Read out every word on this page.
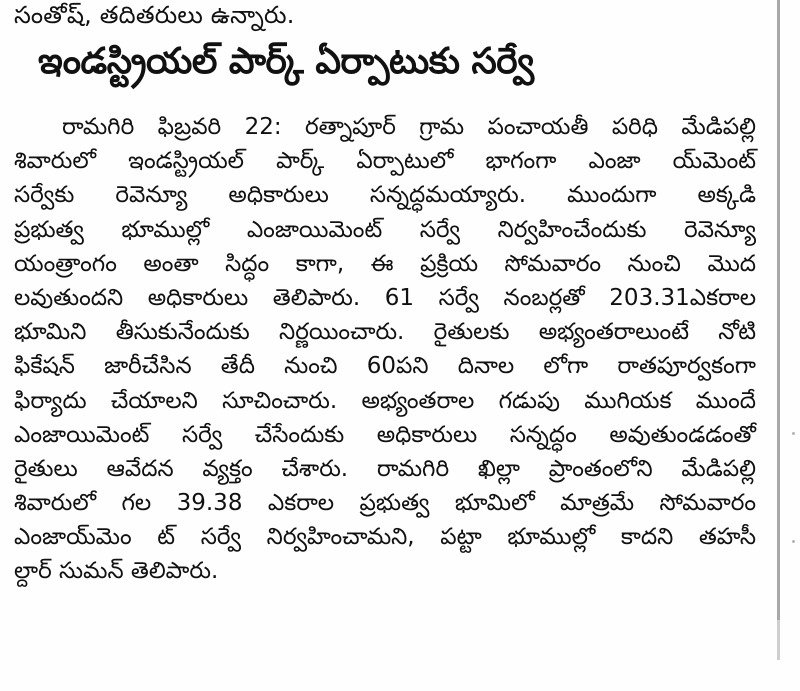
సంతోష్, తదితరులు ఉన్నారు.
ఇండస్ట్రియల్ పార్క్ ఏర్పాటుకు సర్వే
రామగిరి ఫిబ్రవరి 22: రత్నాపూర్ గ్రామ పంచాయతీ పరిధి మేడిపల్లి
శివారులో ఇండస్ట్రియల్ పార్క్ ఏర్పాటులో భాగంగా ఎంజా య్‌మెంట్
సర్వేకు రెవెన్యూ అధికారులు సన్నద్ధమయ్యారు. ముందుగా అక్కడి
ప్రభుత్వ భూముల్లో ఎంజాయిమెంట్ సర్వే నిర్వహించేందుకు రెవెన్యూ
యంత్రాంగం అంతా సిద్ధం కాగా, ఈ ప్రక్రియ సోమవారం నుంచి మొద
లవుతుందని అధికారులు తెలిపారు. 61 సర్వే నంబర్లతో 203.31ఎకరాల
భూమిని తీసుకునేందుకు నిర్ణయించారు. రైతులకు అభ్యంతరాలుంటే నోటి
ఫికేషన్ జారీచేసిన తేదీ నుంచి 60పని దినాల లోగా రాతపూర్వకంగా
ఫిర్యాదు చేయాలని సూచించారు. అభ్యంతరాల గడుపు ముగియక ముందే
ఎంజాయిమెంట్ సర్వే చేసేందుకు అధికారులు సన్నద్ధం అవుతుండడంతో
రైతులు ఆవేదన వ్యక్తం చేశారు. రామగిరి ఖిల్లా ప్రాంతంలోని మేడిపల్లి
శివారులో గల 39.38 ఎకరాల ప్రభుత్వ భూమిలో మాత్రమే సోమవారం
ఎంజాయ్‌మెం ట్ సర్వే నిర్వహించామని, పట్టా భూముల్లో కాదని తహసీ
ల్దార్ సుమన్ తెలిపారు.
